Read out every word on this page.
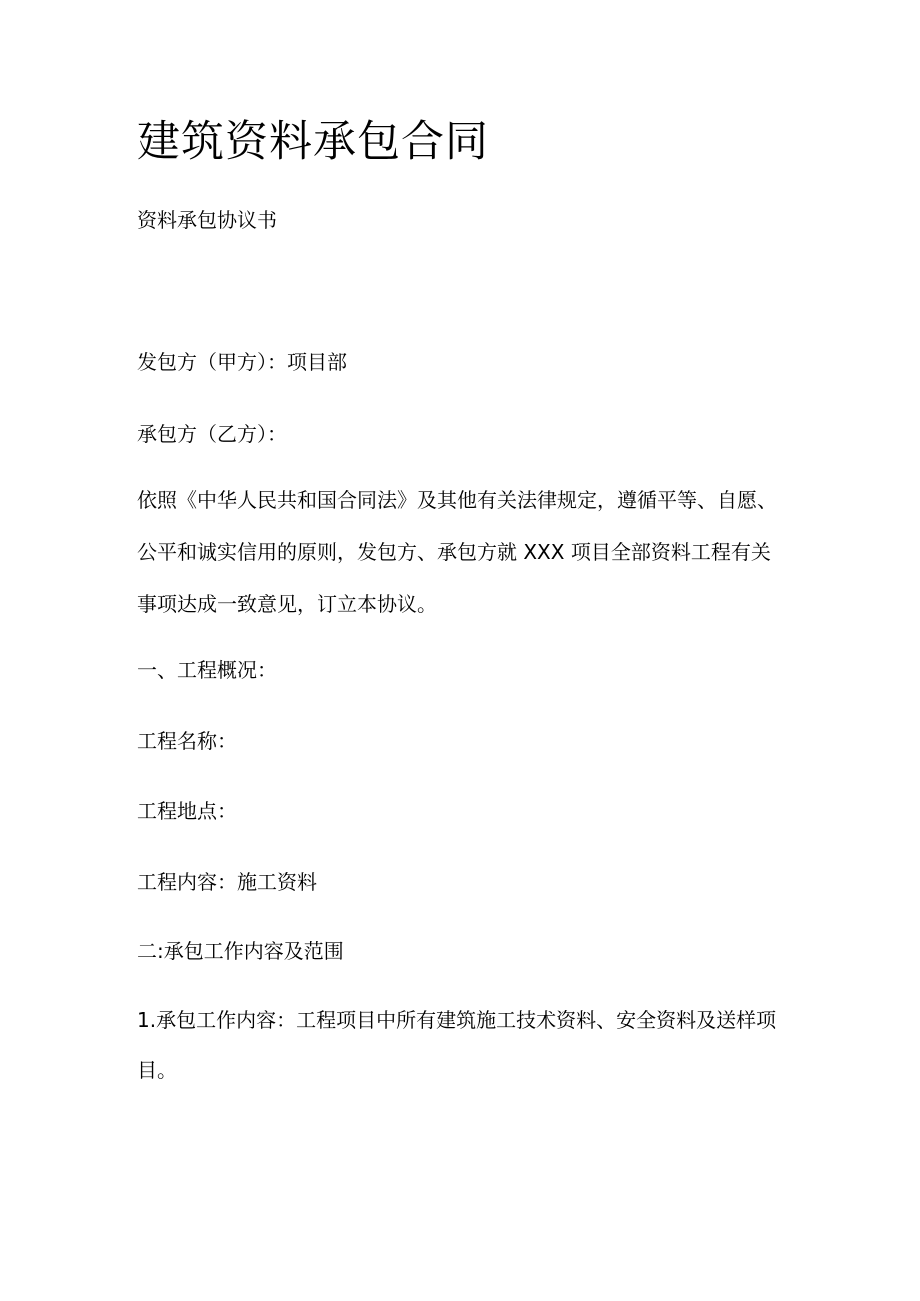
建筑资料承包合同

资料承包协议书

发包方（甲方）：项目部

承包方（乙方）：

依照《中华人民共和国合同法》及其他有关法律规定，遵循平等、自愿、

公平和诚实信用的原则，发包方、承包方就 XXX 项目全部资料工程有关

事项达成一致意见，订立本协议。

一、工程概况：

工程名称：

工程地点：

工程内容：施工资料

二:承包工作内容及范围

1.承包工作内容：工程项目中所有建筑施工技术资料、安全资料及送样项

目。
